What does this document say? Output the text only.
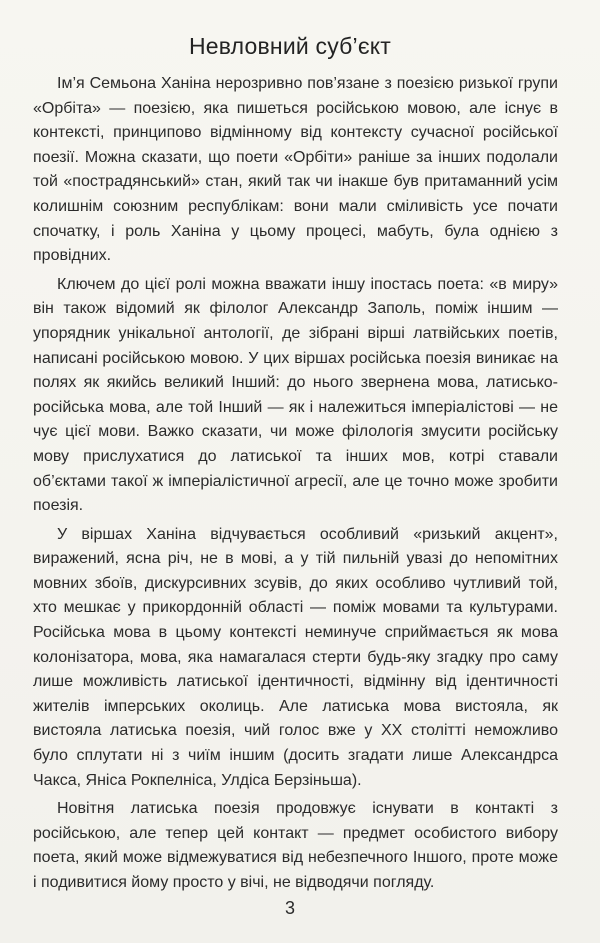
Невловний суб’єкт

Ім’я Семьона Ханіна нерозривно пов’язане з поезією ризької групи «Орбіта» — поезією, яка пишеться російською мовою, але існує в контексті, принципово відмінному від контексту сучасної російської поезії. Можна сказати, що поети «Орбіти» раніше за інших подолали той «пострадянський» стан, який так чи інакше був притаманний усім колишнім союзним республікам: вони мали сміливість усе почати спочатку, і роль Ханіна у цьому процесі, мабуть, була однією з провідних.

Ключем до цієї ролі можна вважати іншу іпостась поета: «в миру» він також відомий як філолог Александр Заполь, поміж іншим — упорядник унікальної антології, де зібрані вірші латвійських поетів, написані російською мовою. У цих віршах російська поезія виникає на полях як якийсь великий Інший: до нього звернена мова, латисько-російська мова, але той Інший — як і належиться імперіалістові — не чує цієї мови. Важко сказати, чи може філологія змусити російську мову прислухатися до латиської та інших мов, котрі ставали об’єктами такої ж імперіалістичної агресії, але це точно може зробити поезія.

У віршах Ханіна відчувається особливий «ризький акцент», виражений, ясна річ, не в мові, а у тій пильній увазі до непомітних мовних збоїв, дискурсивних зсувів, до яких особливо чутливий той, хто мешкає у прикордонній області — поміж мовами та культурами. Російська мова в цьому контексті неминуче сприймається як мова колонізатора, мова, яка намагалася стерти будь-яку згадку про саму лише можливість латиської ідентичності, відмінну від ідентичності жителів імперських околиць. Але латиська мова вистояла, як вистояла латиська поезія, чий голос вже у XX столітті неможливо було сплутати ні з чиїм іншим (досить згадати лише Александрса Чакса, Яніса Рокпелніса, Улдіса Берзіньша).

Новітня латиська поезія продовжує існувати в контакті з російською, але тепер цей контакт — предмет особистого вибору поета, який може відмежуватися від небезпечного Іншого, проте може і подивитися йому просто у вічі, не відводячи погляду.

3
